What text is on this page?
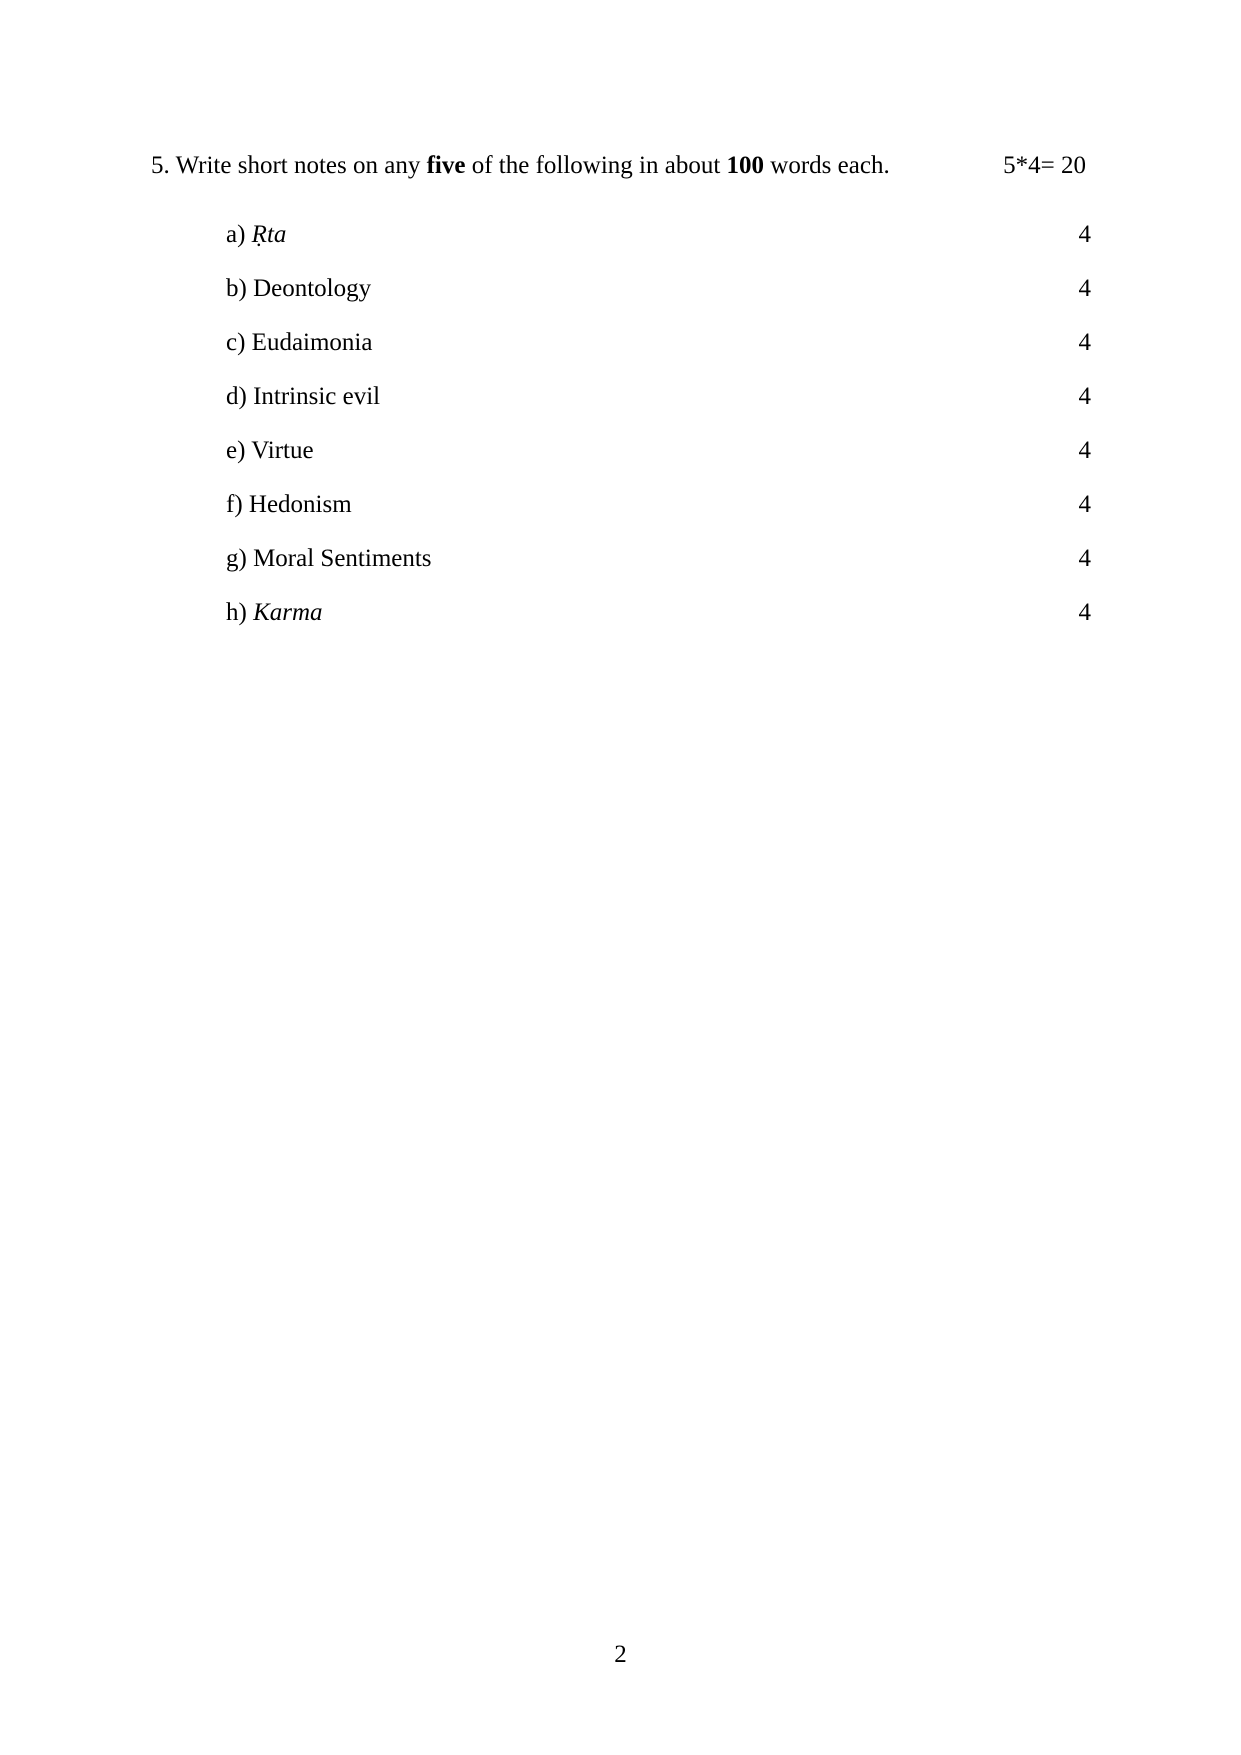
5. Write short notes on any five of the following in about 100 words each.	5*4= 20
a) Ṛta	4
b) Deontology	4
c) Eudaimonia	4
d) Intrinsic evil	4
e) Virtue	4
f) Hedonism	4
g) Moral Sentiments	4
h) Karma	4
2
